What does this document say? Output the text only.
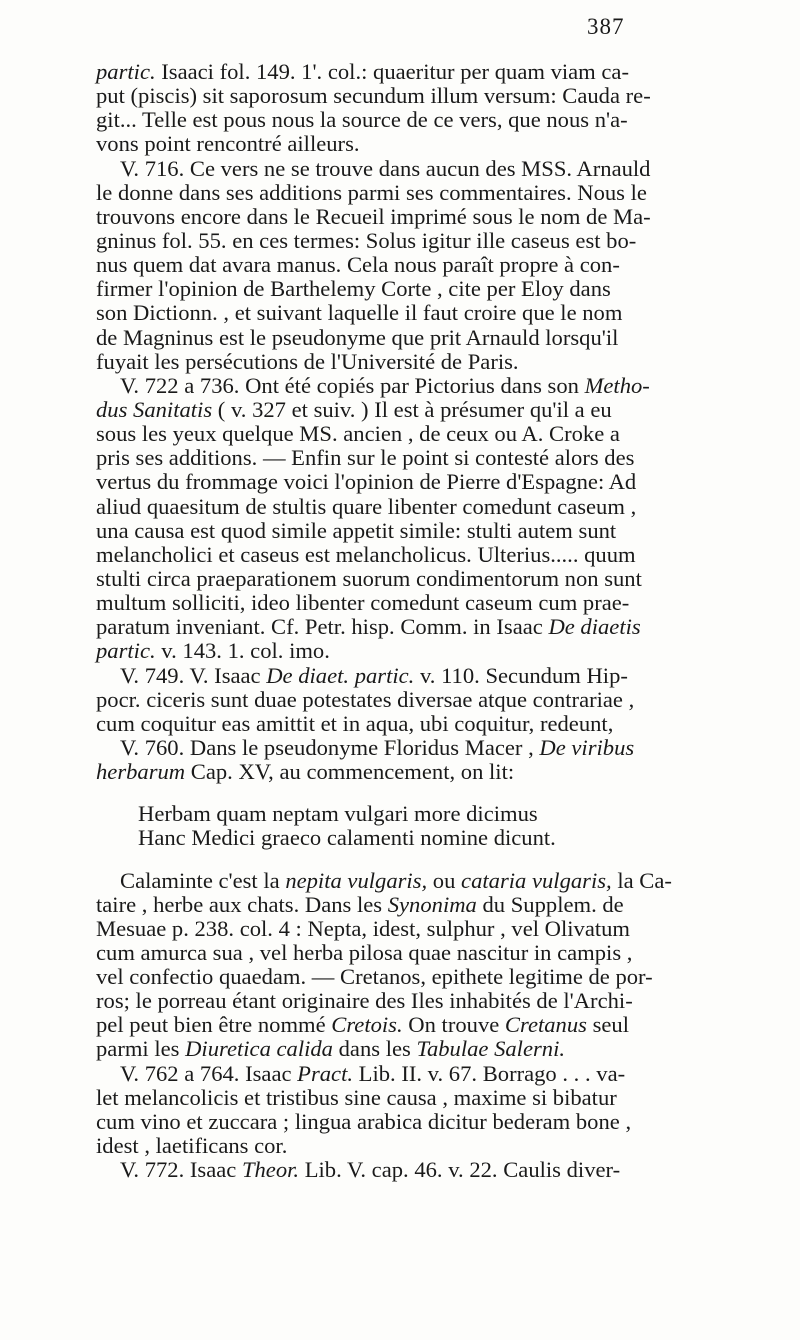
387
partic. Isaaci fol. 149. 1'. col.: quaeritur per quam viam ca-
put (piscis) sit saporosum secundum illum versum: Cauda re-
git... Telle est pous nous la source de ce vers, que nous n'a-
vons point rencontré ailleurs.
V. 716. Ce vers ne se trouve dans aucun des MSS. Arnauld
le donne dans ses additions parmi ses commentaires. Nous le
trouvons encore dans le Recueil imprimé sous le nom de Ma-
gninus fol. 55. en ces termes: Solus igitur ille caseus est bo-
nus quem dat avara manus. Cela nous paraît propre à con-
firmer l'opinion de Barthelemy Corte , cite per Eloy dans
son Dictionn. , et suivant laquelle il faut croire que le nom
de Magninus est le pseudonyme que prit Arnauld lorsqu'il
fuyait les persécutions de l'Université de Paris.
V. 722 a 736. Ont été copiés par Pictorius dans son Metho-
dus Sanitatis ( v. 327 et suiv. ) Il est à présumer qu'il a eu
sous les yeux quelque MS. ancien , de ceux ou A. Croke a
pris ses additions. — Enfin sur le point si contesté alors des
vertus du frommage voici l'opinion de Pierre d'Espagne: Ad
aliud quaesitum de stultis quare libenter comedunt caseum ,
una causa est quod simile appetit simile: stulti autem sunt
melancholici et caseus est melancholicus. Ulterius..... quum
stulti circa praeparationem suorum condimentorum non sunt
multum solliciti, ideo libenter comedunt caseum cum prae-
paratum inveniant. Cf. Petr. hisp. Comm. in Isaac De diaetis
partic. v. 143. 1. col. imo.
V. 749. V. Isaac De diaet. partic. v. 110. Secundum Hip-
pocr. ciceris sunt duae potestates diversae atque contrariae ,
cum coquitur eas amittit et in aqua, ubi coquitur, redeunt,
V. 760. Dans le pseudonyme Floridus Macer , De viribus
herbarum Cap. XV, au commencement, on lit:
Herbam quam neptam vulgari more dicimus
Hanc Medici graeco calamenti nomine dicunt.
Calaminte c'est la nepita vulgaris, ou cataria vulgaris, la Ca-
taire , herbe aux chats. Dans les Synonima du Supplem. de
Mesuae p. 238. col. 4 : Nepta, idest, sulphur , vel Olivatum
cum amurca sua , vel herba pilosa quae nascitur in campis ,
vel confectio quaedam. — Cretanos, epithete legitime de por-
ros; le porreau étant originaire des Iles inhabités de l'Archi-
pel peut bien être nommé Cretois. On trouve Cretanus seul
parmi les Diuretica calida dans les Tabulae Salerni.
V. 762 a 764. Isaac Pract. Lib. II. v. 67. Borrago . . . va-
let melancolicis et tristibus sine causa , maxime si bibatur
cum vino et zuccara ; lingua arabica dicitur bederam bone ,
idest , laetificans cor.
V. 772. Isaac Theor. Lib. V. cap. 46. v. 22. Caulis diver-
